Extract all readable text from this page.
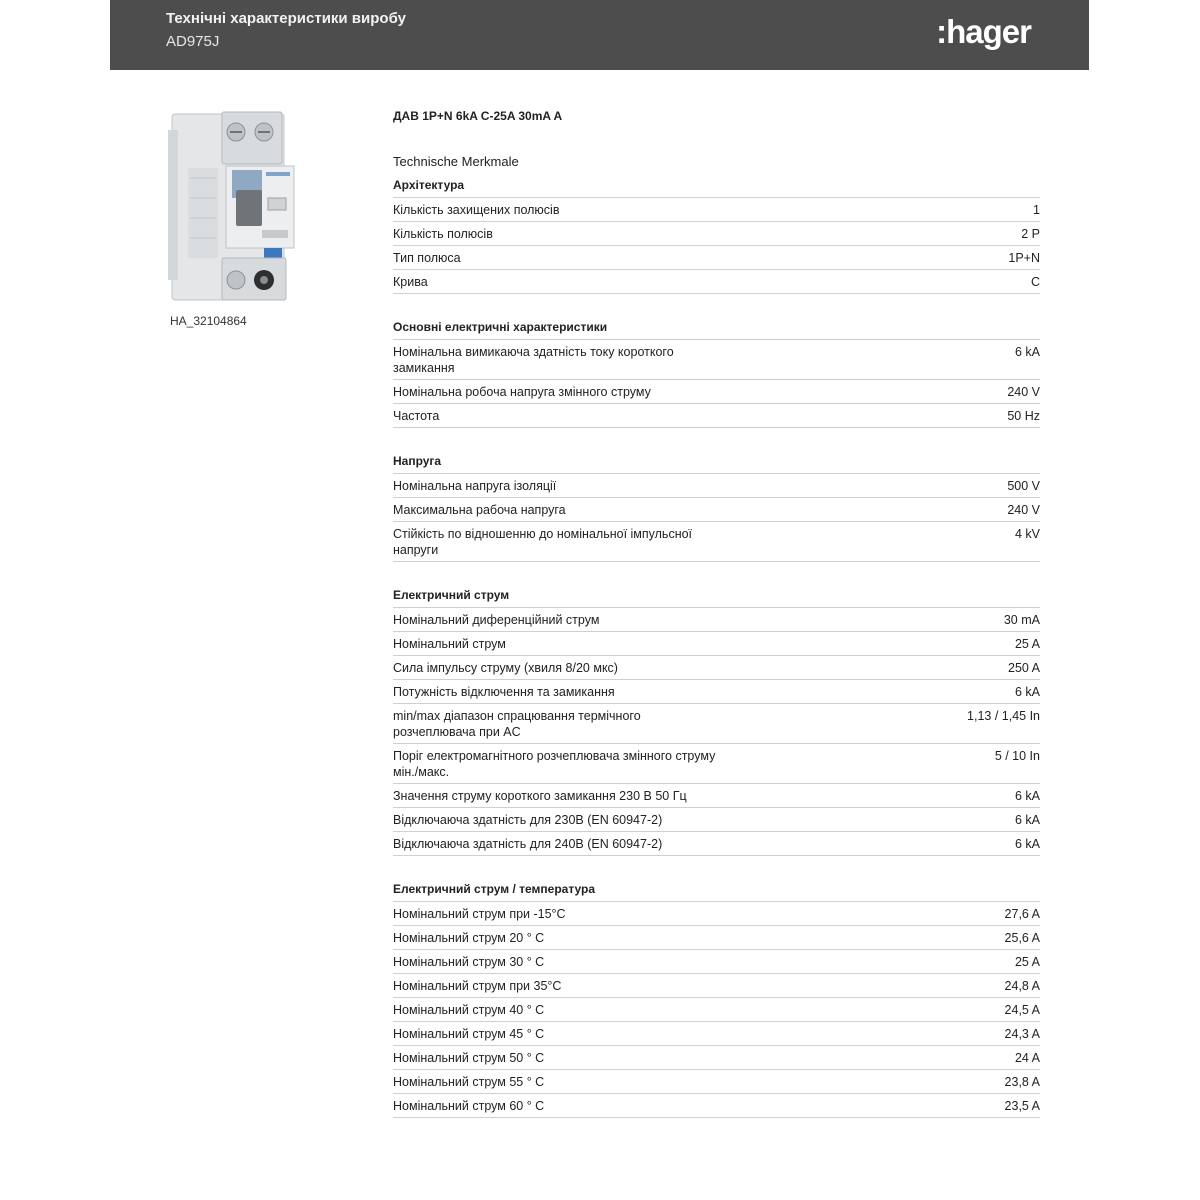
Технічні характеристики виробу
AD975J	:hager
HA_32104864
ДАВ 1P+N 6kA C-25A 30mA A
Technische Merkmale
Архітектура
Кількість захищених полюсів	1
Кількість полюсів	2 P
Тип полюса	1P+N
Крива	C
Основні електричні характеристики
Номінальна вимикаюча здатність току короткого замикання
6 kA
Номінальна робоча напруга змінного струму	240 V
Частота	50 Hz
Напруга
Номінальна напруга ізоляції	500 V
Максимальна рабоча напруга	240 V
Стійкість по відношенню до номінальної імпульсної напруги
4 kV
Електричний струм
Номінальний диференційний струм	30 mA
Номінальний струм	25 A
Сила імпульсу струму (хвиля 8/20 мкс)	250 A
Потужність відключення та замикання	6 kA
min/max діапазон спрацювання термічного розчеплювача при AC
1,13 / 1,45 In
Поріг електромагнітного розчеплювача змінного струму мін./макс.
5 / 10 In
Значення струму короткого замикання 230 В 50 Гц	6 kA
Відключаюча здатність для 230В (EN 60947-2)	6 kA
Відключаюча здатність для 240В (EN 60947-2)	6 kA
Електричний струм / температура
Номінальний струм при -15°C	27,6 A
Номінальний струм 20 ° C	25,6 A
Номінальний струм 30 ° C	25 A
Номінальний струм при 35°C	24,8 A
Номінальний струм 40 ° C	24,5 A
Номінальний струм 45 ° C	24,3 A
Номінальний струм 50 ° C	24 A
Номінальний струм 55 ° C	23,8 A
Номінальний струм 60 ° C	23,5 A
